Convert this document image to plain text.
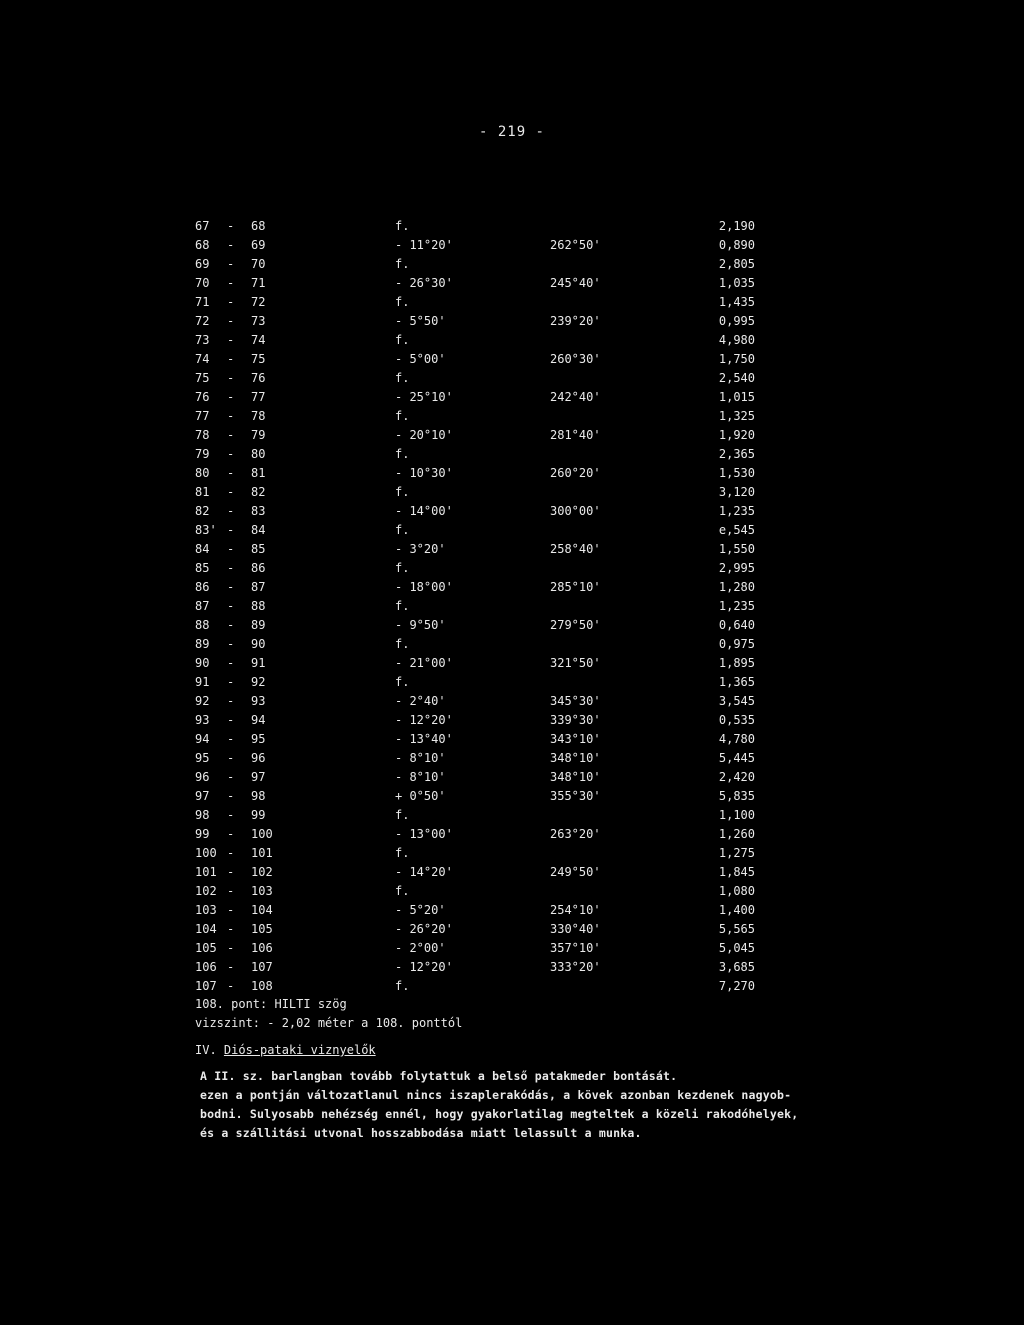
- 219 -
67	- 68	f.	2,190
68	- 69	- 11°20'	262°50'	0,890
69	- 70	f.	2,805
70	- 71	- 26°30'	245°40'	1,035
71	- 72	f.	1,435
72	- 73	- 5°50'	239°20'	0,995
73	- 74	f.	4,980
74	- 75	- 5°00'	260°30'	1,750
75	- 76	f.	2,540
76	- 77	- 25°10'	242°40'	1,015
77	- 78	f.	1,325
78	- 79	- 20°10'	281°40'	1,920
79	- 80	f.	2,365
80	- 81	- 10°30'	260°20'	1,530
81	- 82	f.	3,120
82	- 83	- 14°00'	300°00'	1,235
83' - 84	f.	e,545
84	- 85	- 3°20'	258°40'	1,550
85	- 86	f.	2,995
86	- 87	- 18°00'	285°10'	1,280
87	- 88	f.	1,235
88	- 89	- 9°50'	279°50'	0,640
89	- 90	f.	0,975
90	- 91	- 21°00'	321°50'	1,895
91	- 92	f.	1,365
92	- 93	- 2°40'	345°30'	3,545
93	- 94	- 12°20'	339°30'	0,535
94	- 95	- 13°40'	343°10'	4,780
95	- 96	- 8°10'	348°10'	5,445
96	- 97	- 8°10'	348°10'	2,420
97	- 98	+ 0°50'	355°30'	5,835
98	- 99	f.	1,100
99	- 100	- 13°00'	263°20'	1,260
100 - 101	f.	1,275
101 - 102	- 14°20'	249°50'	1,845
102 - 103	f.	1,080
103 - 104	- 5°20'	254°10'	1,400
104 - 105	- 26°20'	330°40'	5,565
105 - 106	- 2°00'	357°10'	5,045
106 - 107	- 12°20'	333°20'	3,685
107 - 108	f.	7,270
108. pont: HILTI szög
vizszint: - 2,02 méter a 108. ponttól
IV. Diós-pataki viznyelők
A II. sz. barlangban tovább folytattuk a belső patakmeder bontását.
ezen a pontján változatlanul nincs iszaplerakódás, a kövek azonban kezdenek nagyob-
bodni. Sulyosabb nehézség ennél, hogy gyakorlatilag megteltek a közeli rakodóhelyek,
és a szállitási utvonal hosszabbodása miatt lelassult a munka.
